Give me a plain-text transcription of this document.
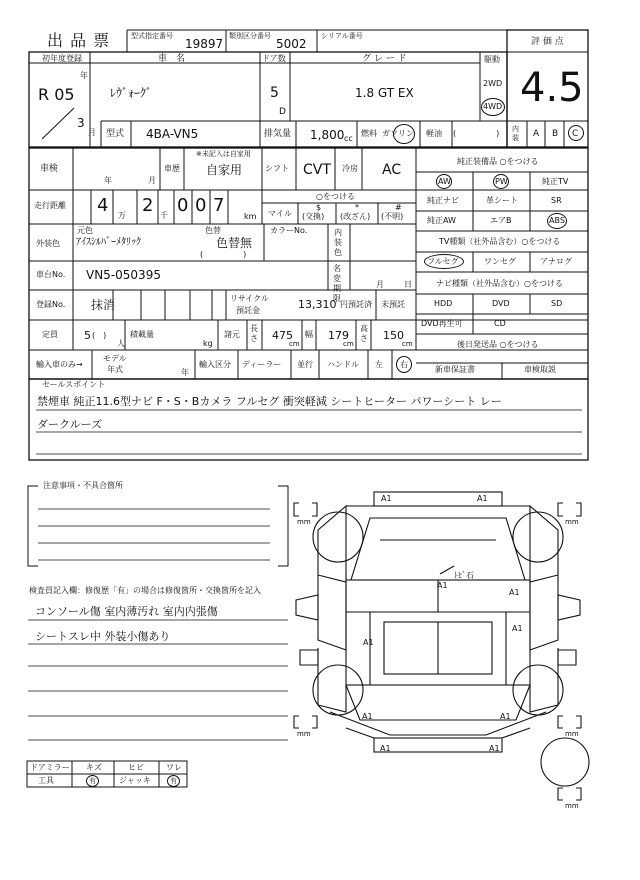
出 品 票	型式指定番号
19897
類別区分番号
5002
シリアル番号
評 価 点
4.5
初年度登録
年
R 05
3
月
車　名
ﾚｳﾞｫｰｸﾞ
ドア数
5
D
グ レ ー ド
1.8 GT EX
駆動
2WD
4WD
型式 4BA-VN5	排気量 1,800 cc
燃料 ガソリン 軽油 (　　　　　) 内装	A B C
車検
年	月
車歴
※未記入は自家用
自家用	シフト CVT 冷房 AC
走行距離 4 万 2 千 0 0 7
km
○をつける
マイル
$
(交換)
*
(改ざん)
#
(不明)
外装色
元色
ｱｲｽｼﾙﾊﾞｰﾒﾀﾘｯｸ
色替
色替無
(　　　　　)
カラーNo.	内装色
車台No. VN5-050395	名変期限
月	日
登録No. 抹消	リサイクル
預託金	13,310 円預託済 未預託
定員 5 (　)
人
積載量
kg
諸元
長さ 475
cm
幅 179
cm
高さ 150
cm
輸入車のみ→
モデル
年式	年
輸入区分 ディーラー 並行 ハンドル 左 右
純正装備品 ○をつける
AW	PW	純正TV
純正ナビ	革シート	SR
純正AW	エアB	ABS
TV種類（社外品含む）○をつける
フルセグ	ワンセグ	アナログ
ナビ種類（社外品含む）○をつける
HDD	DVD	SD
DVD再生可	CD
後日発送品 ○をつける
新車保証書	車検取説
セールスポイント
禁煙車 純正11.6型ナビ F・S・Bカメラ フルセグ 衝突軽減 シートヒーター パワーシート レー
ダークルーズ
注意事項・不具合箇所
検査員記入欄：修復歴「有」の場合は修復箇所・交換箇所を記入
コンソール傷 室内薄汚れ 室内内張傷
シートスレ中 外装小傷あり
ドアミラー キズ	ヒビ	ワレ
工具	有	ジャッキ	有
A1	A1
A1
A1
A1
A1	A1
A1	A1
A1
ﾄﾋﾞ石
mm	mm
mm	mm
mm
